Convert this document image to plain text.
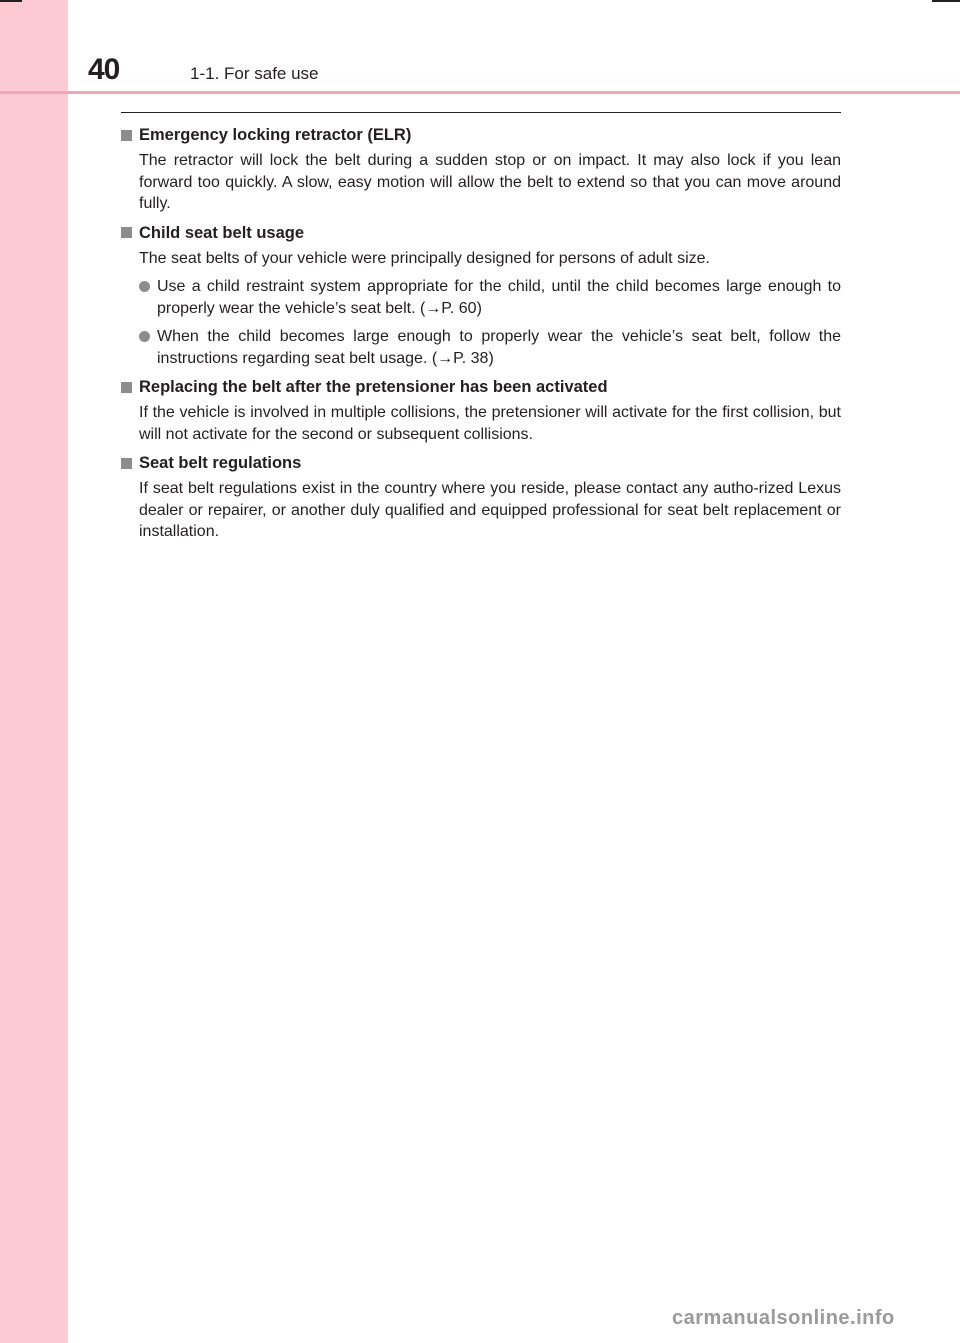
40	1-1. For safe use
Emergency locking retractor (ELR)

The retractor will lock the belt during a sudden stop or on impact. It may also lock if you lean forward too quickly. A slow, easy motion will allow the belt to extend so that you can move around fully.

Child seat belt usage

The seat belts of your vehicle were principally designed for persons of adult size.

Use a child restraint system appropriate for the child, until the child becomes large enough to properly wear the vehicle’s seat belt. (→P. 60)
When the child becomes large enough to properly wear the vehicle’s seat belt, follow the instructions regarding seat belt usage. (→P. 38)
Replacing the belt after the pretensioner has been activated

If the vehicle is involved in multiple collisions, the pretensioner will activate for the first collision, but will not activate for the second or subsequent collisions.

Seat belt regulations

If seat belt regulations exist in the country where you reside, please contact any autho-rized Lexus dealer or repairer, or another duly qualified and equipped professional for seat belt replacement or installation.

carmanualsonline.info
